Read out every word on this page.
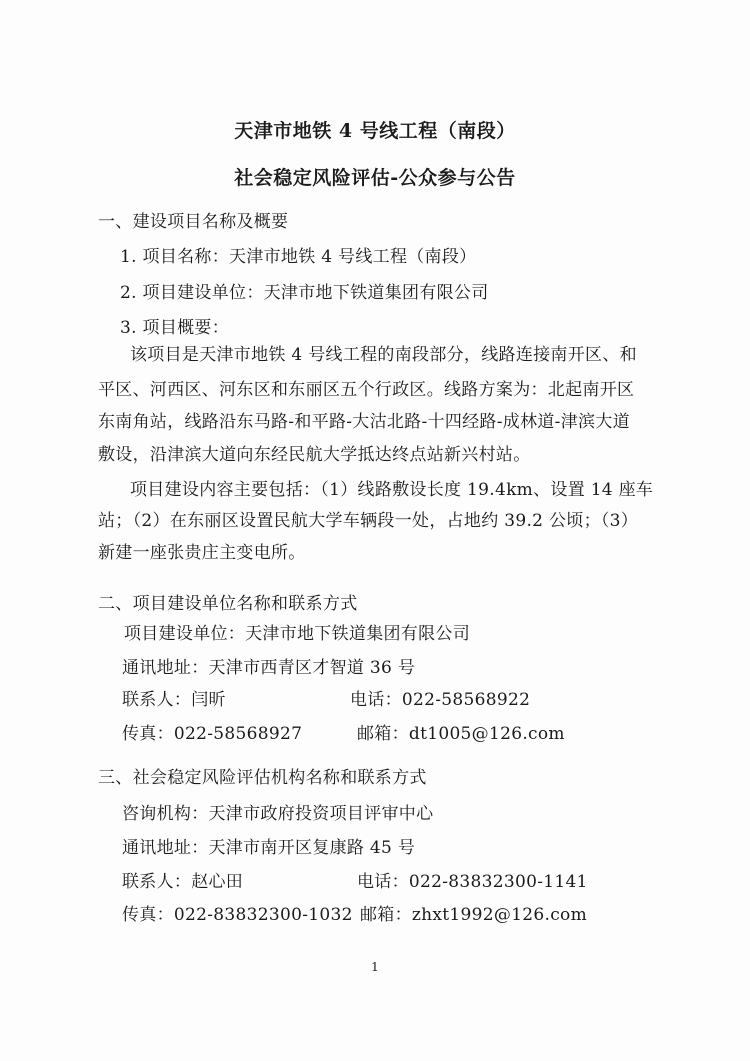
天津市地铁 4 号线工程（南段）
社会稳定风险评估-公众参与公告
一、建设项目名称及概要
1. 项目名称：天津市地铁 4 号线工程（南段）
2. 项目建设单位：天津市地下铁道集团有限公司
3. 项目概要：
该项目是天津市地铁 4 号线工程的南段部分，线路连接南开区、和
平区、河西区、河东区和东丽区五个行政区。线路方案为：北起南开区
东南角站，线路沿东马路-和平路-大沽北路-十四经路-成林道-津滨大道
敷设，沿津滨大道向东经民航大学抵达终点站新兴村站。
项目建设内容主要包括：（1）线路敷设长度 19.4km、设置 14 座车
站；（2）在东丽区设置民航大学车辆段一处，占地约 39.2 公顷；（3）
新建一座张贵庄主变电所。
二、项目建设单位名称和联系方式
项目建设单位：天津市地下铁道集团有限公司
通讯地址：天津市西青区才智道 36 号
联系人：闫昕	电话：022-58568922
传真：022-58568927	邮箱：dt1005@126.com
三、社会稳定风险评估机构名称和联系方式
咨询机构：天津市政府投资项目评审中心
通讯地址：天津市南开区复康路 45 号
联系人：赵心田	电话：022-83832300-1141
传真：022-83832300-1032 邮箱：zhxt1992@126.com
1
